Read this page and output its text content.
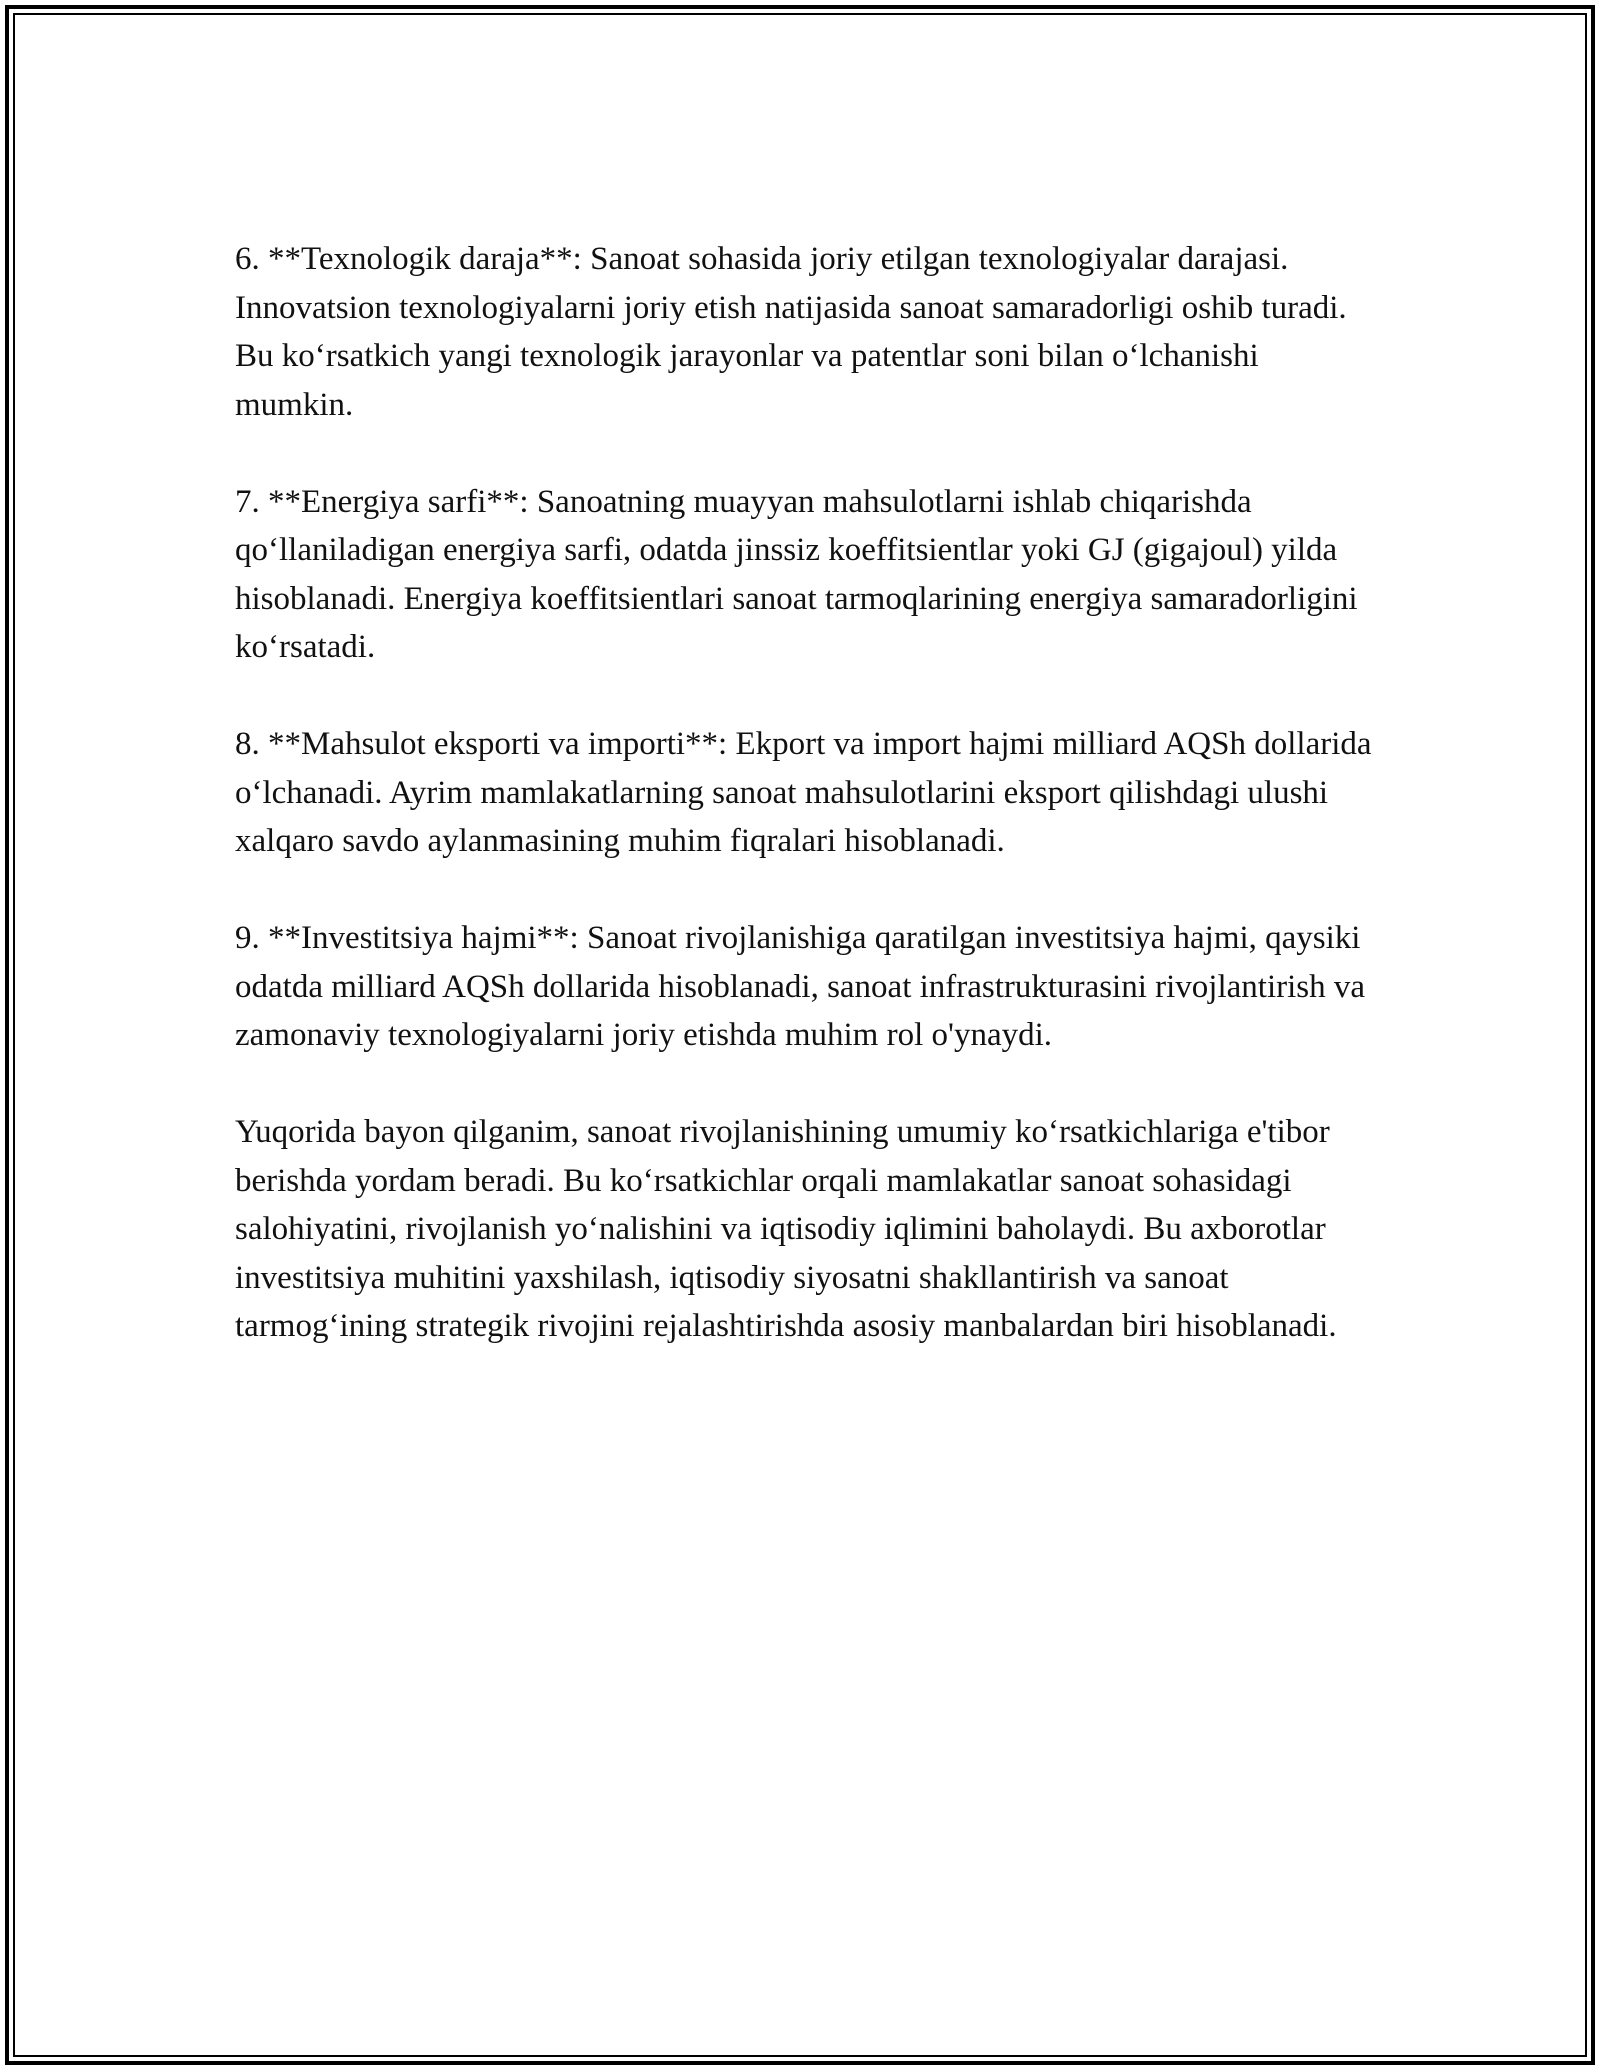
6. **Texnologik daraja**: Sanoat sohasida joriy etilgan texnologiyalar darajasi. Innovatsion texnologiyalarni joriy etish natijasida sanoat samaradorligi oshib turadi. Bu ko‘rsatkich yangi texnologik jarayonlar va patentlar soni bilan o‘lchanishi mumkin.

7. **Energiya sarfi**: Sanoatning muayyan mahsulotlarni ishlab chiqarishda qo‘llaniladigan energiya sarfi, odatda jinssiz koeffitsientlar yoki GJ (gigajoul) yilda hisoblanadi. Energiya koeffitsientlari sanoat tarmoqlarining energiya samaradorligini ko‘rsatadi.

8. **Mahsulot eksporti va importi**: Ekport va import hajmi milliard AQSh dollarida o‘lchanadi. Ayrim mamlakatlarning sanoat mahsulotlarini eksport qilishdagi ulushi xalqaro savdo aylanmasining muhim fiqralari hisoblanadi.

9. **Investitsiya hajmi**: Sanoat rivojlanishiga qaratilgan investitsiya hajmi, qaysiki odatda milliard AQSh dollarida hisoblanadi, sanoat infrastrukturasini rivojlantirish va zamonaviy texnologiyalarni joriy etishda muhim rol o'ynaydi.

Yuqorida bayon qilganim, sanoat rivojlanishining umumiy ko‘rsatkichlariga e'tibor berishda yordam beradi. Bu ko‘rsatkichlar orqali mamlakatlar sanoat sohasidagi salohiyatini, rivojlanish yo‘nalishini va iqtisodiy iqlimini baholaydi. Bu axborotlar investitsiya muhitini yaxshilash, iqtisodiy siyosatni shakllantirish va sanoat tarmog‘ining strategik rivojini rejalashtirishda asosiy manbalardan biri hisoblanadi.
